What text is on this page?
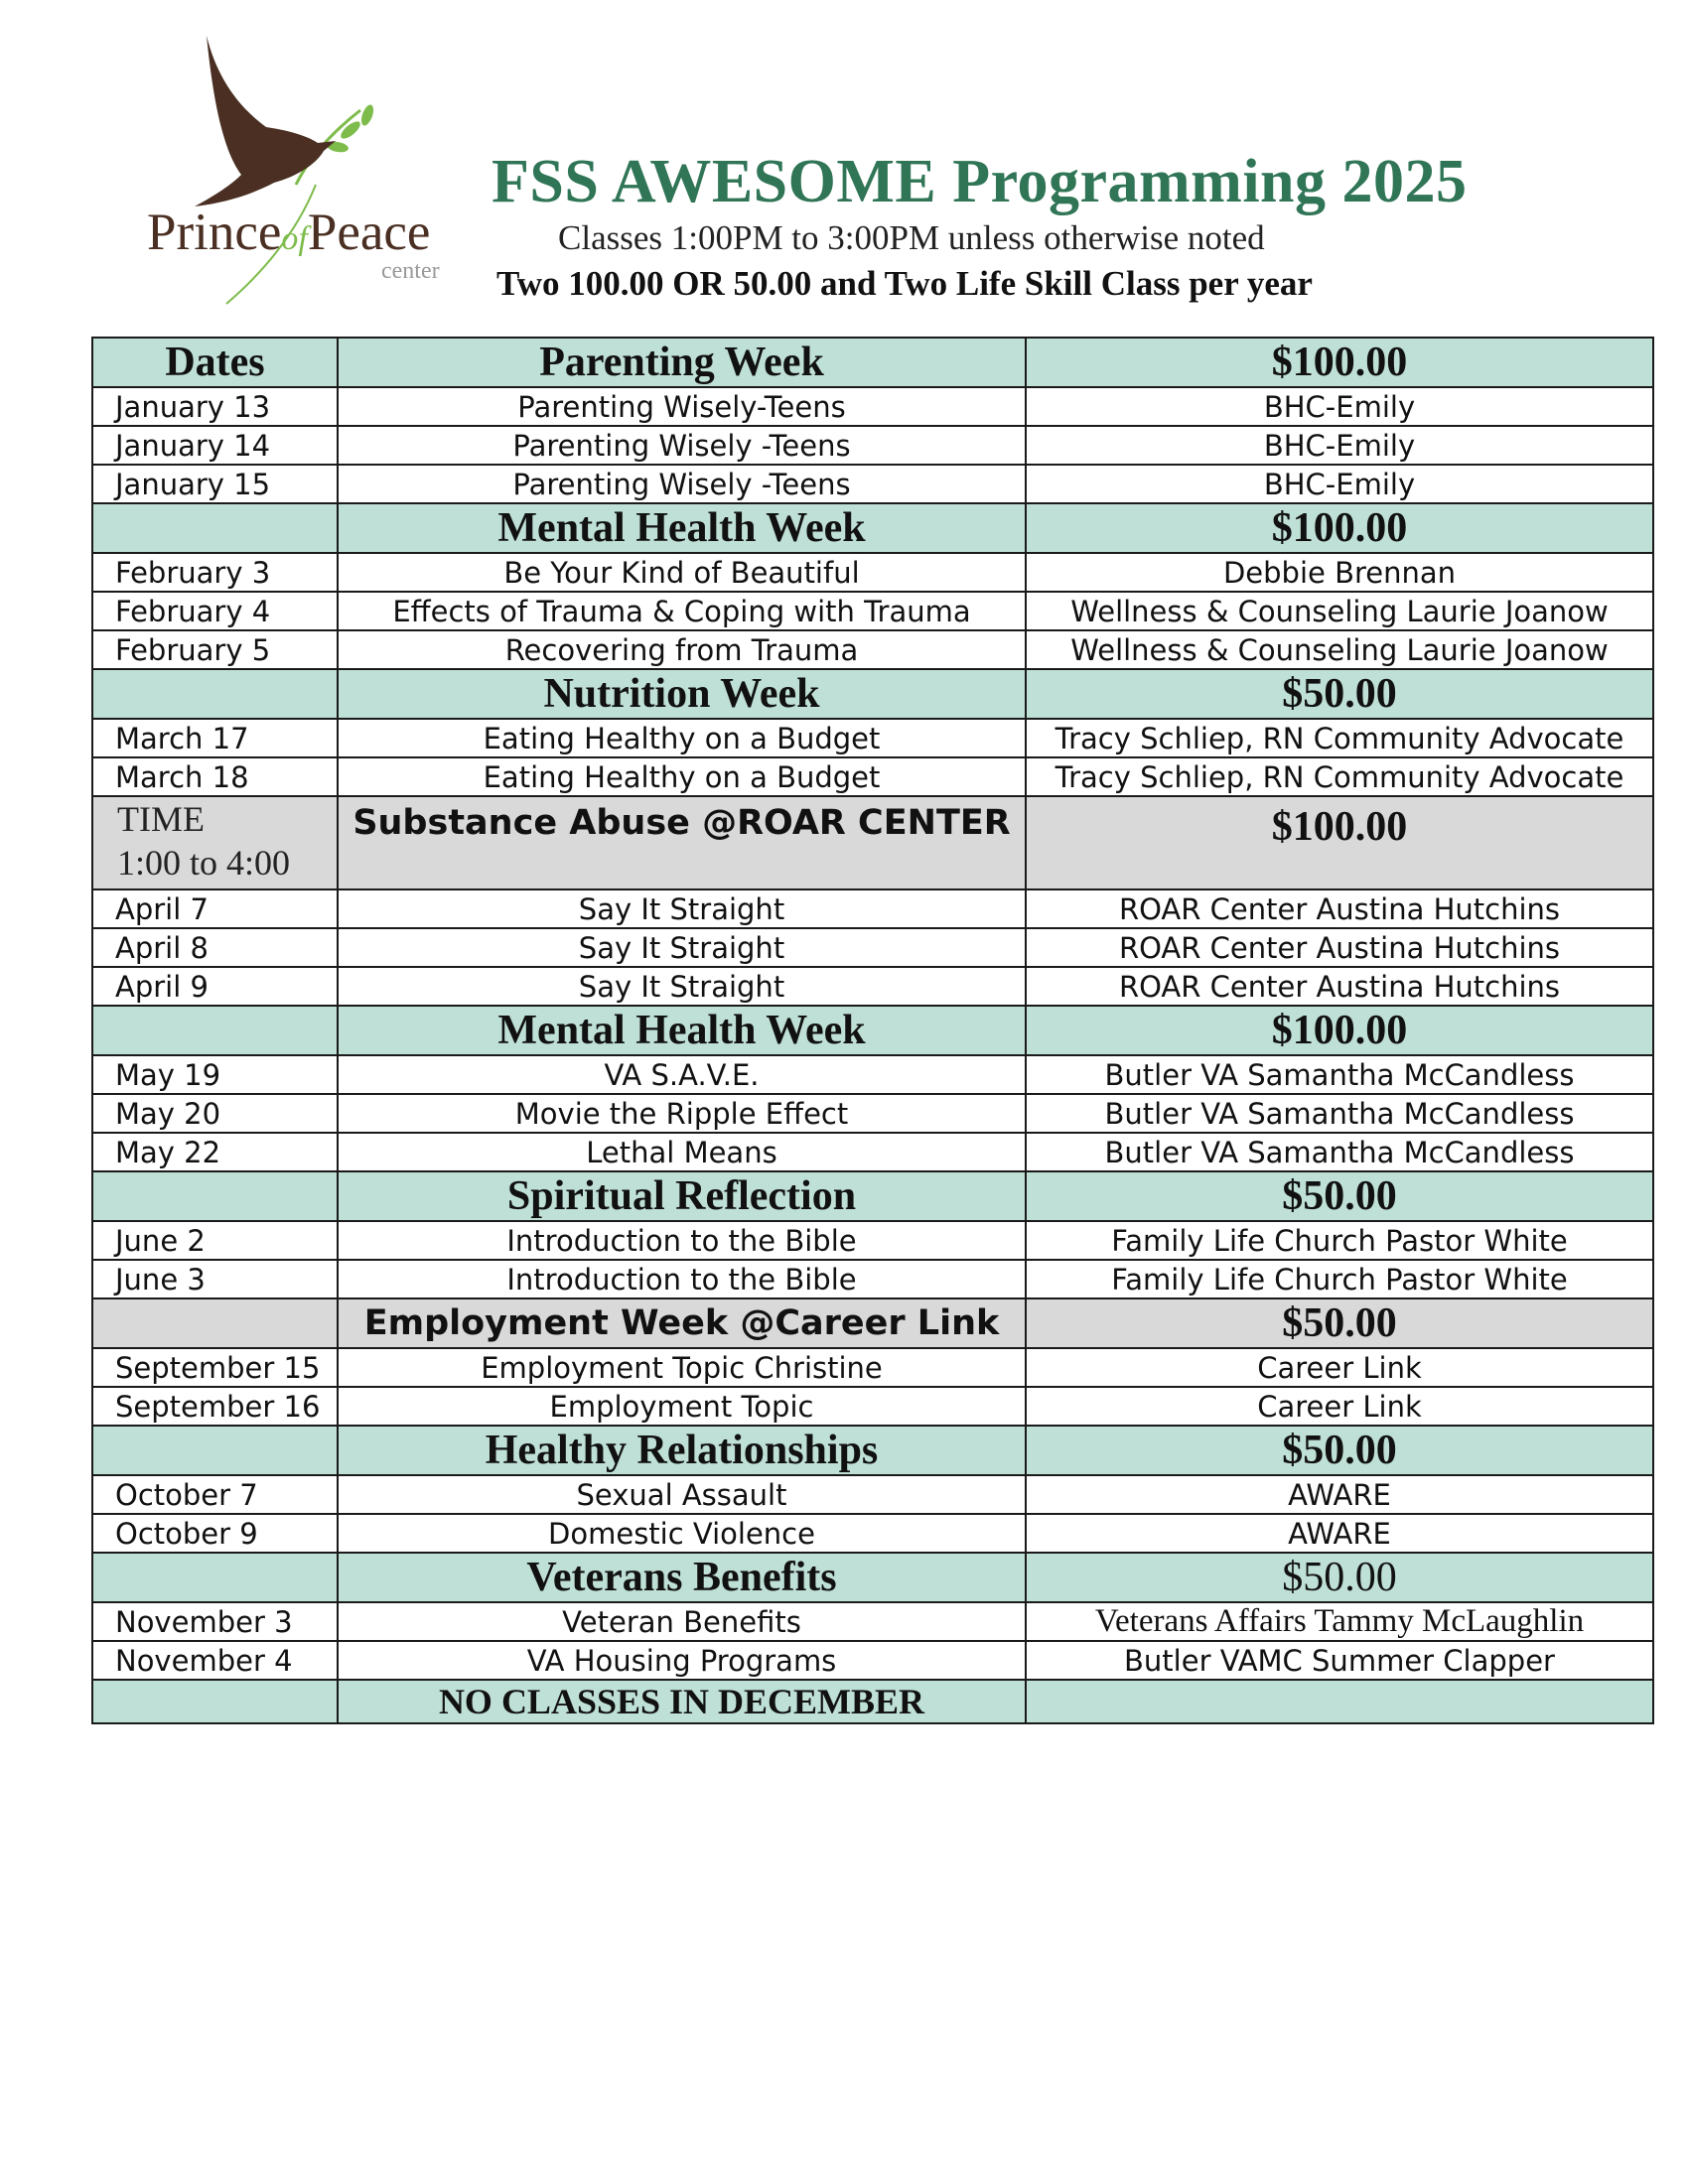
PrinceofPeace
center
FSS AWESOME Programming 2025
Classes 1:00PM to 3:00PM unless otherwise noted
Two 100.00 OR 50.00 and Two Life Skill Class per year
Dates	Parenting Week	$100.00
January 13	Parenting Wisely-Teens	BHC-Emily
January 14	Parenting Wisely -Teens	BHC-Emily
January 15	Parenting Wisely -Teens	BHC-Emily
	Mental Health Week	$100.00
February 3	Be Your Kind of Beautiful	Debbie Brennan
February 4	Effects of Trauma & Coping with Trauma	Wellness & Counseling Laurie Joanow
February 5	Recovering from Trauma	Wellness & Counseling Laurie Joanow
	Nutrition Week	$50.00
March 17	Eating Healthy on a Budget	Tracy Schliep, RN Community Advocate
March 18	Eating Healthy on a Budget	Tracy Schliep, RN Community Advocate

TIME
1:00 to 4:00	Substance Abuse @ROAR CENTER	$100.00
April 7	Say It Straight	ROAR Center Austina Hutchins
April 8	Say It Straight	ROAR Center Austina Hutchins
April 9	Say It Straight	ROAR Center Austina Hutchins
	Mental Health Week	$100.00
May 19	VA S.A.V.E.	Butler VA Samantha McCandless
May 20	Movie the Ripple Effect	Butler VA Samantha McCandless
May 22	Lethal Means	Butler VA Samantha McCandless
	Spiritual Reflection	$50.00
June 2	Introduction to the Bible	Family Life Church Pastor White
June 3	Introduction to the Bible	Family Life Church Pastor White
	Employment Week @Career Link	$50.00
September 15	Employment Topic Christine	Career Link
September 16	Employment Topic	Career Link
	Healthy Relationships	$50.00
October 7	Sexual Assault	AWARE
October 9	Domestic Violence	AWARE
	Veterans Benefits	$50.00
November 3	Veteran Benefits	Veterans Affairs Tammy McLaughlin
November 4	VA Housing Programs	Butler VAMC Summer Clapper
	NO CLASSES IN DECEMBER	
